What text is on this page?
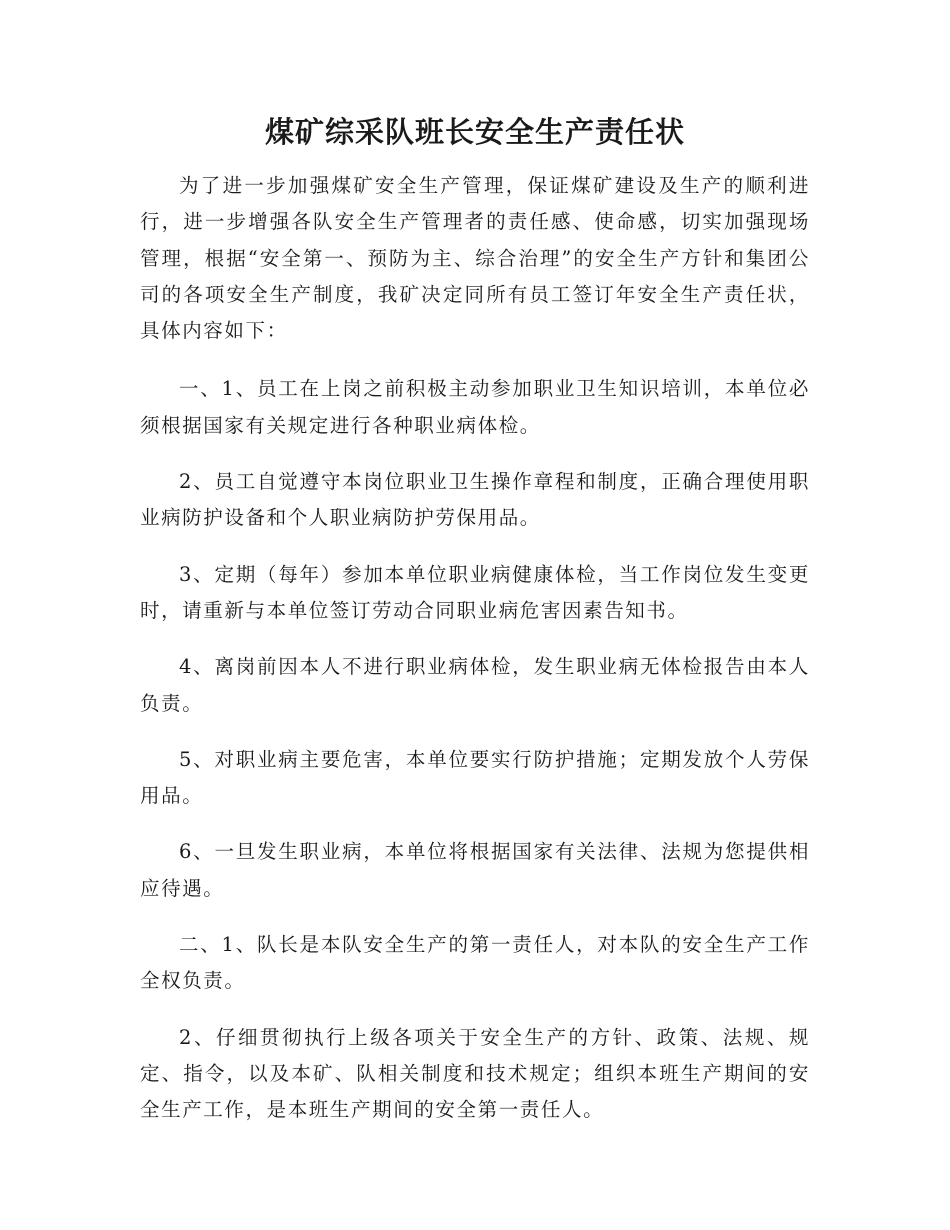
煤矿综采队班长安全生产责任状

为了进一步加强煤矿安全生产管理，保证煤矿建设及生产的顺利进行，进一步增强各队安全生产管理者的责任感、使命感，切实加强现场管理，根据“安全第一、预防为主、综合治理”的安全生产方针和集团公司的各项安全生产制度，我矿决定同所有员工签订年安全生产责任状，具体内容如下：

一、1、员工在上岗之前积极主动参加职业卫生知识培训，本单位必须根据国家有关规定进行各种职业病体检。

2、员工自觉遵守本岗位职业卫生操作章程和制度，正确合理使用职业病防护设备和个人职业病防护劳保用品。

3、定期（每年）参加本单位职业病健康体检，当工作岗位发生变更时，请重新与本单位签订劳动合同职业病危害因素告知书。

4、离岗前因本人不进行职业病体检，发生职业病无体检报告由本人负责。

5、对职业病主要危害，本单位要实行防护措施；定期发放个人劳保用品。

6、一旦发生职业病，本单位将根据国家有关法律、法规为您提供相应待遇。

二、1、队长是本队安全生产的第一责任人，对本队的安全生产工作全权负责。

2、仔细贯彻执行上级各项关于安全生产的方针、政策、法规、规定、指令，以及本矿、队相关制度和技术规定；组织本班生产期间的安全生产工作，是本班生产期间的安全第一责任人。
